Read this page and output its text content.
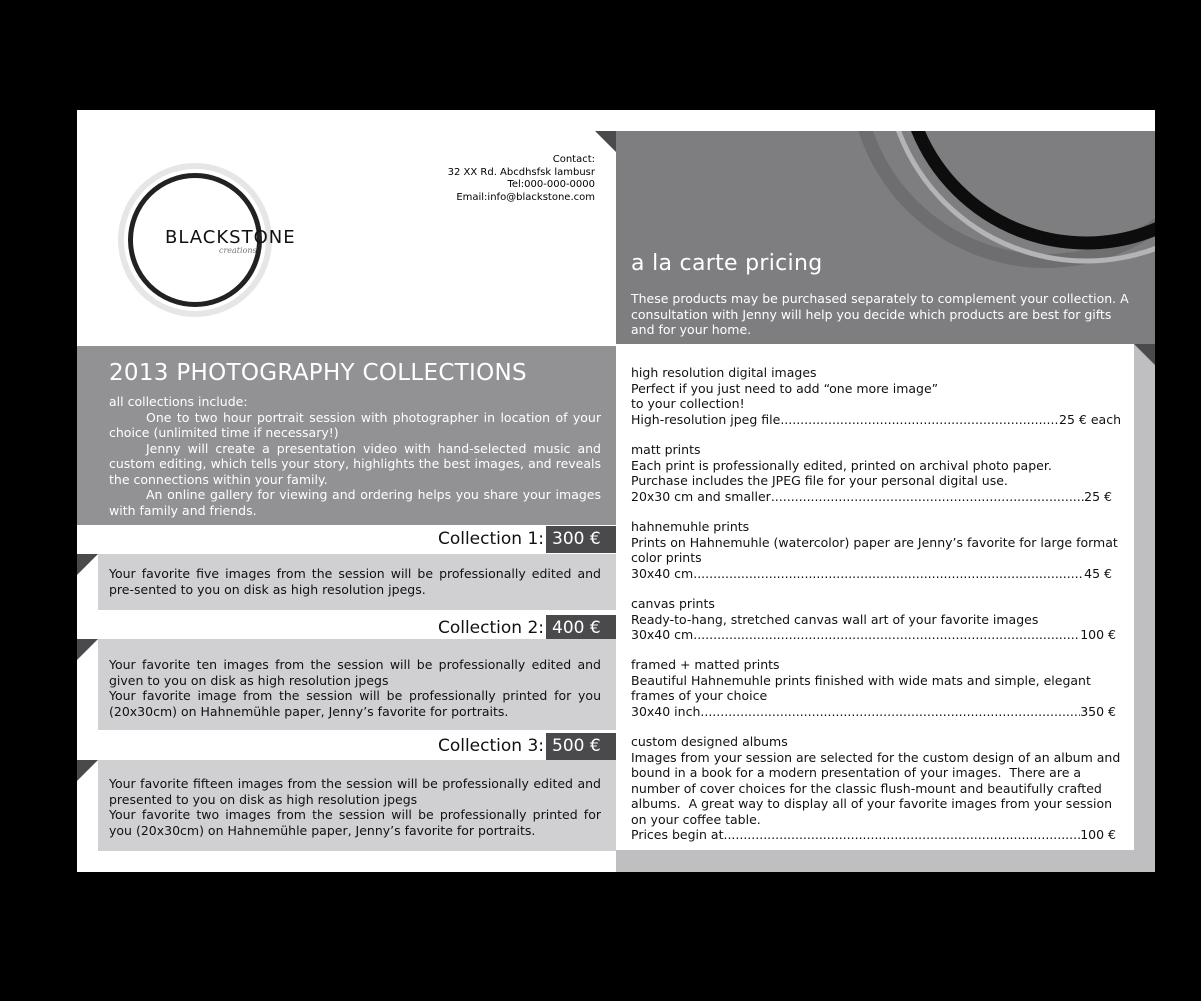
BLACKSTONE
creations
Contact:
32 XX Rd. Abcdhsfsk lambusr
Tel:000-000-0000
Email:info@blackstone.com
2013 PHOTOGRAPHY COLLECTIONS

all collections include:

One to two hour portrait session with photographer in location of your choice (unlimited time if necessary!)

Jenny will create a presentation video with hand-selected music and custom editing, which tells your story, highlights the best images, and reveals the connections within your family.

An online gallery for viewing and ordering helps you share your images with family and friends.

Collection 1: 300 €
Your favorite five images from the session will be professionally edited and pre-sented to you on disk as high resolution jpegs.
Collection 2: 400 €
Your favorite ten images from the session will be professionally edited and given to you on disk as high resolution jpegs
Your favorite image from the session will be professionally printed for you (20x30cm) on Hahnemühle paper, Jenny’s favorite for portraits.
Collection 3: 500 €
Your favorite fifteen images from the session will be professionally edited and presented to you on disk as high resolution jpegs
Your favorite two images from the session will be professionally printed for you (20x30cm) on Hahnemühle paper, Jenny’s favorite for portraits.
a la carte pricing
These products may be purchased separately to complement your collection. A consultation with Jenny will help you decide which products are best for gifts and for your home.
high resolution digital images
Perfect if you just need to add “one more image”
to your collection!
High-resolution jpeg file .....	25 € each
matt prints
Each print is professionally edited, printed on archival photo paper.
Purchase includes the JPEG file for your personal digital use.
20x30 cm and smaller .....	25 €
hahnemuhle prints
Prints on Hahnemuhle (watercolor) paper are Jenny’s favorite for large format color prints
30x40 cm .....	45 €
canvas prints
Ready-to-hang, stretched canvas wall art of your favorite images
30x40 cm .....	100 €
framed + matted prints
Beautiful Hahnemuhle prints finished with wide mats and simple, elegant frames of your choice
30x40 inch .....	350 €
custom designed albums
Images from your session are selected for the custom design of an album and bound in a book for a modern presentation of your images.  There are a number of cover choices for the classic flush-mount and beautifully crafted albums.  A great way to display all of your favorite images from your session on your coffee table.
Prices begin at .....	100 €
